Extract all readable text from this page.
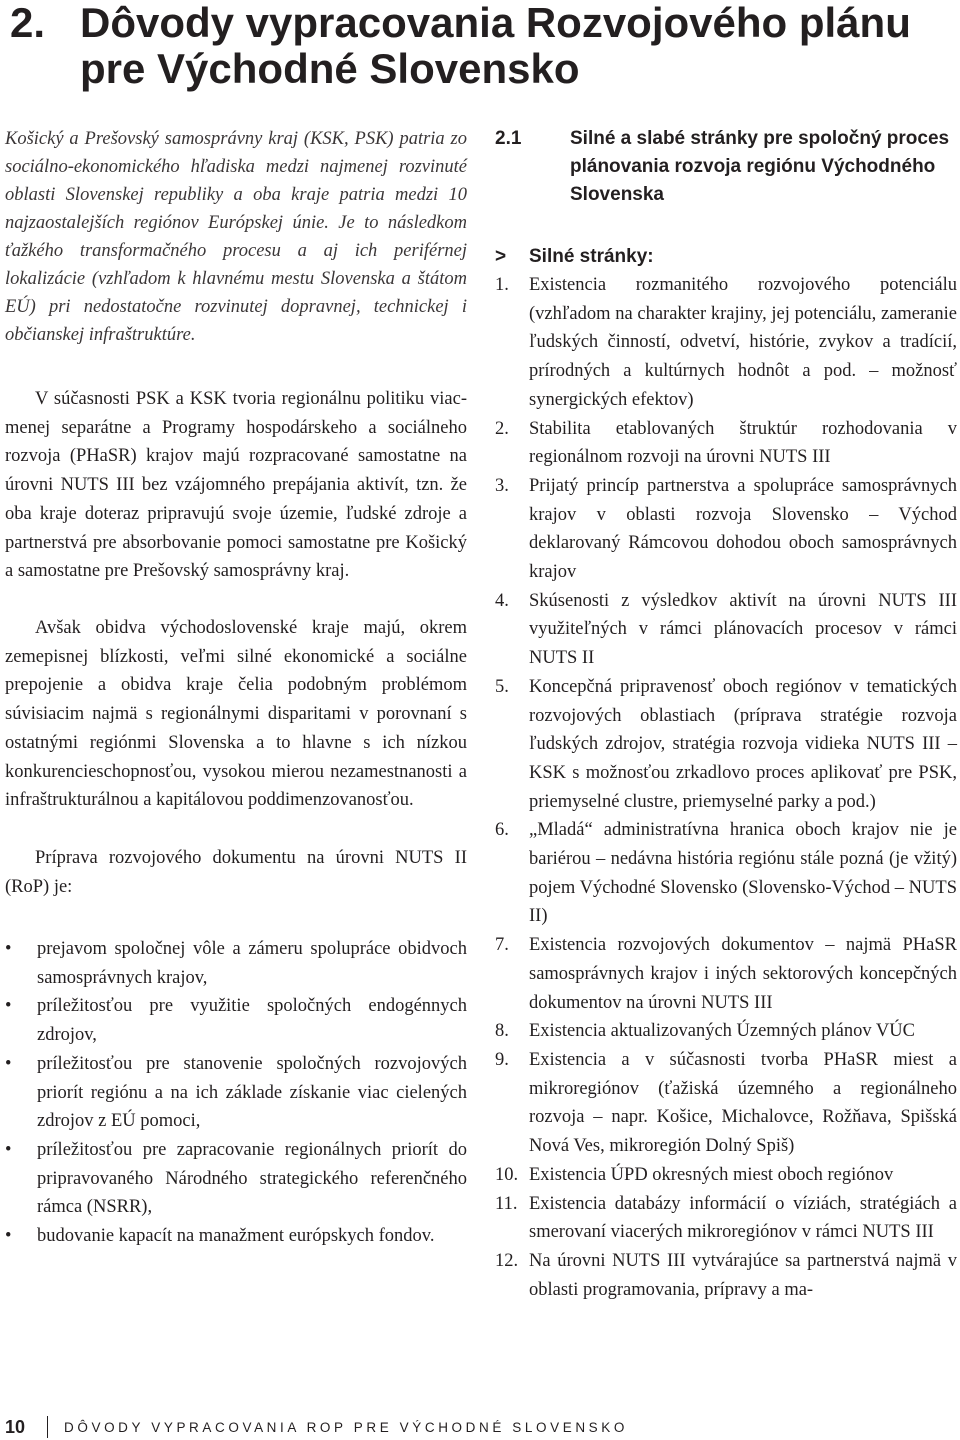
2. Dôvody vypracovania Rozvojového plánu
pre Východné Slovensko

Košický a Prešovský samosprávny kraj (KSK, PSK) patria zo sociálno-ekonomického hľadiska medzi najmenej rozvinuté oblasti Slovenskej republiky a oba kraje patria medzi 10 najzaostalejších regiónov Európskej únie. Je to následkom ťažkého transformačného procesu a aj ich periférnej lokalizácie (vzhľadom k hlavnému mestu Slovenska a štátom EÚ) pri nedostatočne rozvinutej dopravnej, technickej i občianskej infraštruktúre.

V súčasnosti PSK a KSK tvoria regionálnu politiku viac-menej separátne a Programy hospodárskeho a sociálneho rozvoja (PHaSR) krajov majú rozpracované samostatne na úrovni NUTS III bez vzájomného prepájania aktivít, tzn. že oba kraje doteraz pripravujú svoje územie, ľudské zdroje a partnerstvá pre absorbovanie pomoci samostatne pre Košický a samostatne pre Prešovský samosprávny kraj.

Avšak obidva východoslovenské kraje majú, okrem zemepisnej blízkosti, veľmi silné ekonomické a sociálne prepojenie a obidva kraje čelia podobným problémom súvisiacim najmä s regionálnymi disparitami v porovnaní s ostatnými regiónmi Slovenska a to hlavne s ich nízkou konkurencieschopnosťou, vysokou mierou nezamestnanosti a infraštrukturálnou a kapitálovou poddimenzovanosťou.

Príprava rozvojového dokumentu na úrovni NUTS II (RoP) je:

• prejavom spoločnej vôle a zámeru spolupráce obidvoch samosprávnych krajov,
• príležitosťou pre využitie spoločných endogénnych zdrojov,
• príležitosťou pre stanovenie spoločných rozvojových priorít regiónu a na ich základe získanie viac cielených zdrojov z EÚ pomoci,
• príležitosťou pre zapracovanie regionálnych priorít do pripravovaného Národného strategického referenčného rámca (NSRR),
• budovanie kapacít na manažment európskych fondov.
2.1	Silné a slabé stránky pre spoločný proces plánovania rozvoja regiónu Východného Slovenska
> Silné stránky:
1. Existencia rozmanitého rozvojového potenciálu (vzhľadom na charakter krajiny, jej potenciálu, zameranie ľudských činností, odvetví, histórie, zvykov a tradícií, prírodných a kultúrnych hodnôt a pod. – možnosť synergických efektov)
2. Stabilita etablovaných štruktúr rozhodovania v regionálnom rozvoji na úrovni NUTS III
3. Prijatý princíp partnerstva a spolupráce samosprávnych krajov v oblasti rozvoja Slovensko – Východ deklarovaný Rámcovou dohodou oboch samosprávnych krajov
4. Skúsenosti z výsledkov aktivít na úrovni NUTS III využiteľných v rámci plánovacích procesov v rámci NUTS II
5. Koncepčná pripravenosť oboch regiónov v tematických rozvojových oblastiach (príprava stratégie rozvoja ľudských zdrojov, stratégia rozvoja vidieka NUTS III – KSK s možnosťou zrkadlovo proces aplikovať pre PSK, priemyselné clustre, priemyselné parky a pod.)
6. „Mladá“ administratívna hranica oboch krajov nie je bariérou – nedávna história regiónu stále pozná (je vžitý) pojem Východné Slovensko (Slovensko-Východ – NUTS II)
7. Existencia rozvojových dokumentov – najmä PHaSR samosprávnych krajov i iných sektorových koncepčných dokumentov na úrovni NUTS III
8. Existencia aktualizovaných Územných plánov VÚC
9. Existencia a v súčasnosti tvorba PHaSR miest a mikroregiónov (ťažiská územného a regionálneho rozvoja – napr. Košice, Michalovce, Rožňava, Spišská Nová Ves, mikroregión Dolný Spiš)
10. Existencia ÚPD okresných miest oboch regiónov
11. Existencia databázy informácií o víziách, stratégiách a smerovaní viacerých mikroregiónov v rámci NUTS III
12. Na úrovni NUTS III vytvárajúce sa partnerstvá najmä v oblasti programovania, prípravy a ma-
10	DÔVODY VYPRACOVANIA ROP PRE VÝCHODNÉ SLOVENSKO
